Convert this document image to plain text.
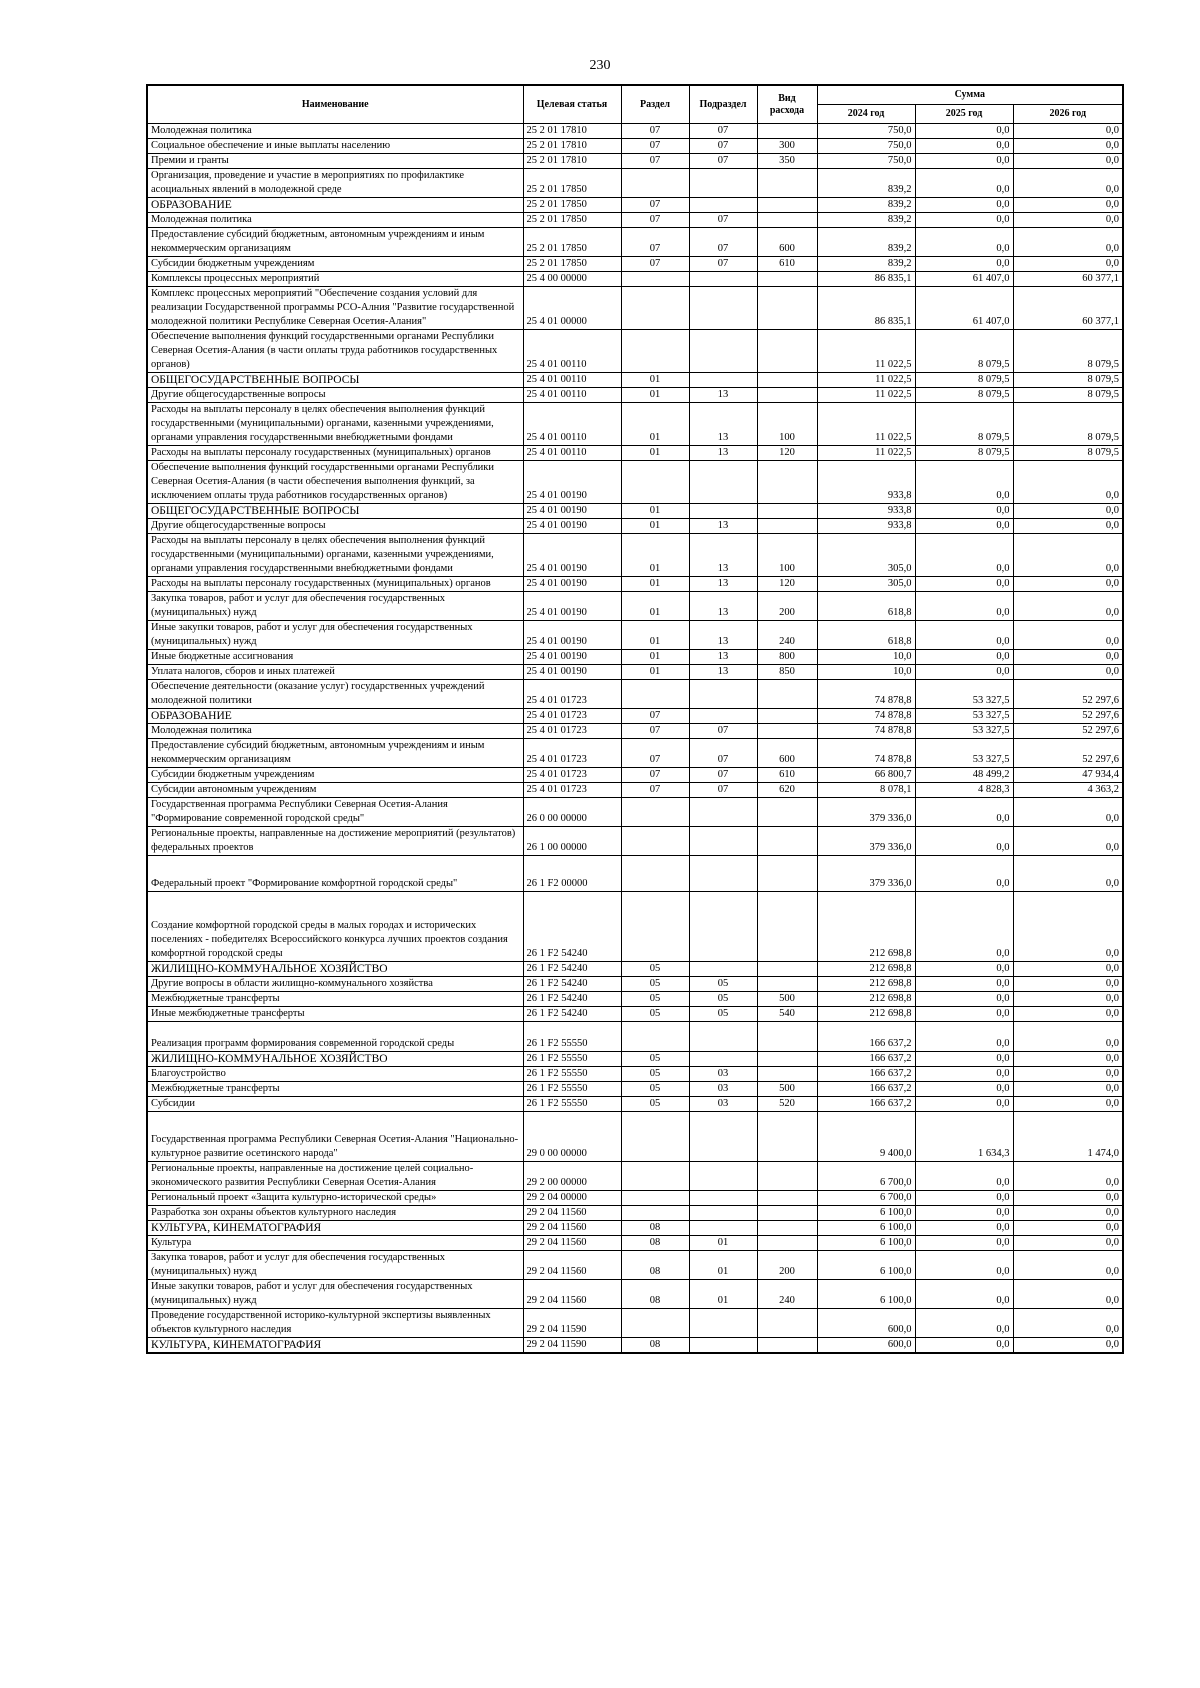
230
Наименование	Целевая статья	Раздел	Подраздел	Вид расхода	Сумма		
					2024 год	2025 год	2026 год
Молодежная политика	25 2 01 17810	07	07		750,0	0,0	0,0
Социальное обеспечение и иные выплаты населению	25 2 01 17810	07	07	300	750,0	0,0	0,0
Премии и гранты	25 2 01 17810	07	07	350	750,0	0,0	0,0
Организация, проведение и участие в мероприятиях по профилактике асоциальных явлений в молодежной среде	25 2 01 17850				839,2	0,0	0,0
ОБРАЗОВАНИЕ	25 2 01 17850	07			839,2	0,0	0,0
Молодежная политика	25 2 01 17850	07	07		839,2	0,0	0,0
Предоставление субсидий бюджетным, автономным учреждениям и иным некоммерческим организациям	25 2 01 17850	07	07	600	839,2	0,0	0,0
Субсидии бюджетным учреждениям	25 2 01 17850	07	07	610	839,2	0,0	0,0
Комплексы процессных мероприятий	25 4 00 00000				86 835,1	61 407,0	60 377,1
Комплекс процессных мероприятий "Обеспечение создания условий для реализации Государственной программы РСО-Алния "Развитие государственной молодежной политики Республике Северная Осетия-Алания"	25 4 01 00000				86 835,1	61 407,0	60 377,1
Обеспечение выполнения функций государственными органами Республики Северная Осетия-Алания (в части оплаты труда работников государственных органов)	25 4 01 00110				11 022,5	8 079,5	8 079,5
ОБЩЕГОСУДАРСТВЕННЫЕ ВОПРОСЫ	25 4 01 00110	01			11 022,5	8 079,5	8 079,5
Другие общегосударственные вопросы	25 4 01 00110	01	13		11 022,5	8 079,5	8 079,5
Расходы на выплаты персоналу в целях обеспечения выполнения функций государственными (муниципальными) органами, казенными учреждениями, органами управления государственными внебюджетными фондами	25 4 01 00110	01	13	100	11 022,5	8 079,5	8 079,5
Расходы на выплаты персоналу государственных (муниципальных) органов	25 4 01 00110	01	13	120	11 022,5	8 079,5	8 079,5
Обеспечение выполнения функций государственными органами Республики Северная Осетия-Алания (в части обеспечения выполнения функций, за исключением оплаты труда работников государственных органов)	25 4 01 00190				933,8	0,0	0,0
ОБЩЕГОСУДАРСТВЕННЫЕ ВОПРОСЫ	25 4 01 00190	01			933,8	0,0	0,0
Другие общегосударственные вопросы	25 4 01 00190	01	13		933,8	0,0	0,0
Расходы на выплаты персоналу в целях обеспечения выполнения функций государственными (муниципальными) органами, казенными учреждениями, органами управления государственными внебюджетными фондами	25 4 01 00190	01	13	100	305,0	0,0	0,0
Расходы на выплаты персоналу государственных (муниципальных) органов	25 4 01 00190	01	13	120	305,0	0,0	0,0
Закупка товаров, работ и услуг для обеспечения государственных (муниципальных) нужд	25 4 01 00190	01	13	200	618,8	0,0	0,0
Иные закупки товаров, работ и услуг для обеспечения государственных (муниципальных) нужд	25 4 01 00190	01	13	240	618,8	0,0	0,0
Иные бюджетные ассигнования	25 4 01 00190	01	13	800	10,0	0,0	0,0
Уплата налогов, сборов и иных платежей	25 4 01 00190	01	13	850	10,0	0,0	0,0
Обеспечение деятельности (оказание услуг) государственных учреждений молодежной политики	25 4 01 01723				74 878,8	53 327,5	52 297,6
ОБРАЗОВАНИЕ	25 4 01 01723	07			74 878,8	53 327,5	52 297,6
Молодежная политика	25 4 01 01723	07	07		74 878,8	53 327,5	52 297,6
Предоставление субсидий бюджетным, автономным учреждениям и иным некоммерческим организациям	25 4 01 01723	07	07	600	74 878,8	53 327,5	52 297,6
Субсидии бюджетным учреждениям	25 4 01 01723	07	07	610	66 800,7	48 499,2	47 934,4
Субсидии автономным учреждениям	25 4 01 01723	07	07	620	8 078,1	4 828,3	4 363,2
Государственная программа Республики Северная Осетия-Алания "Формирование современной городской среды"	26 0 00 00000				379 336,0	0,0	0,0
Региональные проекты, направленные на достижение мероприятий (результатов) федеральных проектов	26 1 00 00000				379 336,0	0,0	0,0
Федеральный проект "Формирование комфортной городской среды"	26 1 F2 00000				379 336,0	0,0	0,0
Создание комфортной городской среды в малых городах и исторических поселениях - победителях Всероссийского конкурса лучших проектов создания комфортной городской среды	26 1 F2 54240				212 698,8	0,0	0,0
ЖИЛИЩНО-КОММУНАЛЬНОЕ ХОЗЯЙСТВО	26 1 F2 54240	05			212 698,8	0,0	0,0
Другие вопросы в области жилищно-коммунального хозяйства	26 1 F2 54240	05	05		212 698,8	0,0	0,0
Межбюджетные трансферты	26 1 F2 54240	05	05	500	212 698,8	0,0	0,0
Иные межбюджетные трансферты	26 1 F2 54240	05	05	540	212 698,8	0,0	0,0
Реализация программ формирования современной городской среды	26 1 F2 55550				166 637,2	0,0	0,0
ЖИЛИЩНО-КОММУНАЛЬНОЕ ХОЗЯЙСТВО	26 1 F2 55550	05			166 637,2	0,0	0,0
Благоустройство	26 1 F2 55550	05	03		166 637,2	0,0	0,0
Межбюджетные трансферты	26 1 F2 55550	05	03	500	166 637,2	0,0	0,0
Субсидии	26 1 F2 55550	05	03	520	166 637,2	0,0	0,0
Государственная программа Республики Северная Осетия-Алания "Национально-культурное развитие осетинского народа"	29 0 00 00000				9 400,0	1 634,3	1 474,0
Региональные проекты, направленные на достижение целей социально-экономического развития Республики Северная Осетия-Алания	29 2 00 00000				6 700,0	0,0	0,0
Региональный проект «Защита культурно-исторической среды»	29 2 04 00000				6 700,0	0,0	0,0
Разработка зон охраны объектов культурного наследия	29 2 04 11560				6 100,0	0,0	0,0
КУЛЬТУРА, КИНЕМАТОГРАФИЯ	29 2 04 11560	08			6 100,0	0,0	0,0
Культура	29 2 04 11560	08	01		6 100,0	0,0	0,0
Закупка товаров, работ и услуг для обеспечения государственных (муниципальных) нужд	29 2 04 11560	08	01	200	6 100,0	0,0	0,0
Иные закупки товаров, работ и услуг для обеспечения государственных (муниципальных) нужд	29 2 04 11560	08	01	240	6 100,0	0,0	0,0
Проведение государственной историко-культурной экспертизы выявленных объектов культурного наследия	29 2 04 11590				600,0	0,0	0,0
КУЛЬТУРА, КИНЕМАТОГРАФИЯ	29 2 04 11590	08			600,0	0,0	0,0
